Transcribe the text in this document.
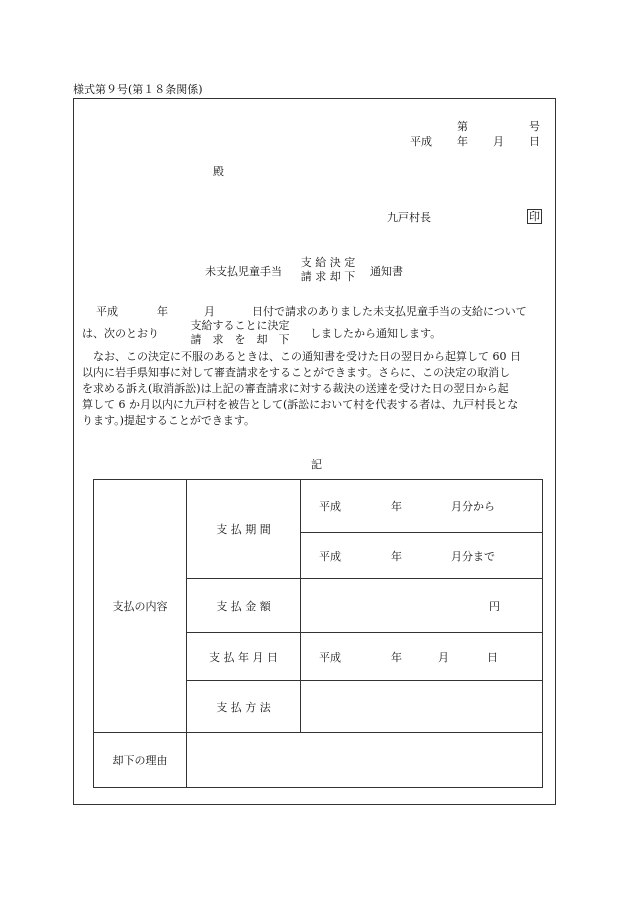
様式第９号(第１８条関係)
第	号
平成 年 月 日
殿
九戸村長	印
未支払児童手当
支 給 決 定
請 求 却 下	通知書
平成	年	月	日付で請求のありました未支払児童手当の支給について
は、次のとおり
支給することに決定
請　求　を　却　下	しましたから通知します。
なお、この決定に不服のあるときは、この通知書を受けた日の翌日から起算して 60 日
以内に岩手県知事に対して審査請求をすることができます。さらに、この決定の取消し
を求める訴え(取消訴訟)は上記の審査請求に対する裁決の送達を受けた日の翌日から起
算して 6 か月以内に九戸村を被告として(訴訟において村を代表する者は、九戸村長とな
ります。)提起することができます。
記
支払の内容	支 払 期 間	平成 年 月分から

		平成 年 月分まで

	支 払 金 額	円

	支 払 年 月 日	平成 年 月 日

	支 払 方 法	
却下の理由		
